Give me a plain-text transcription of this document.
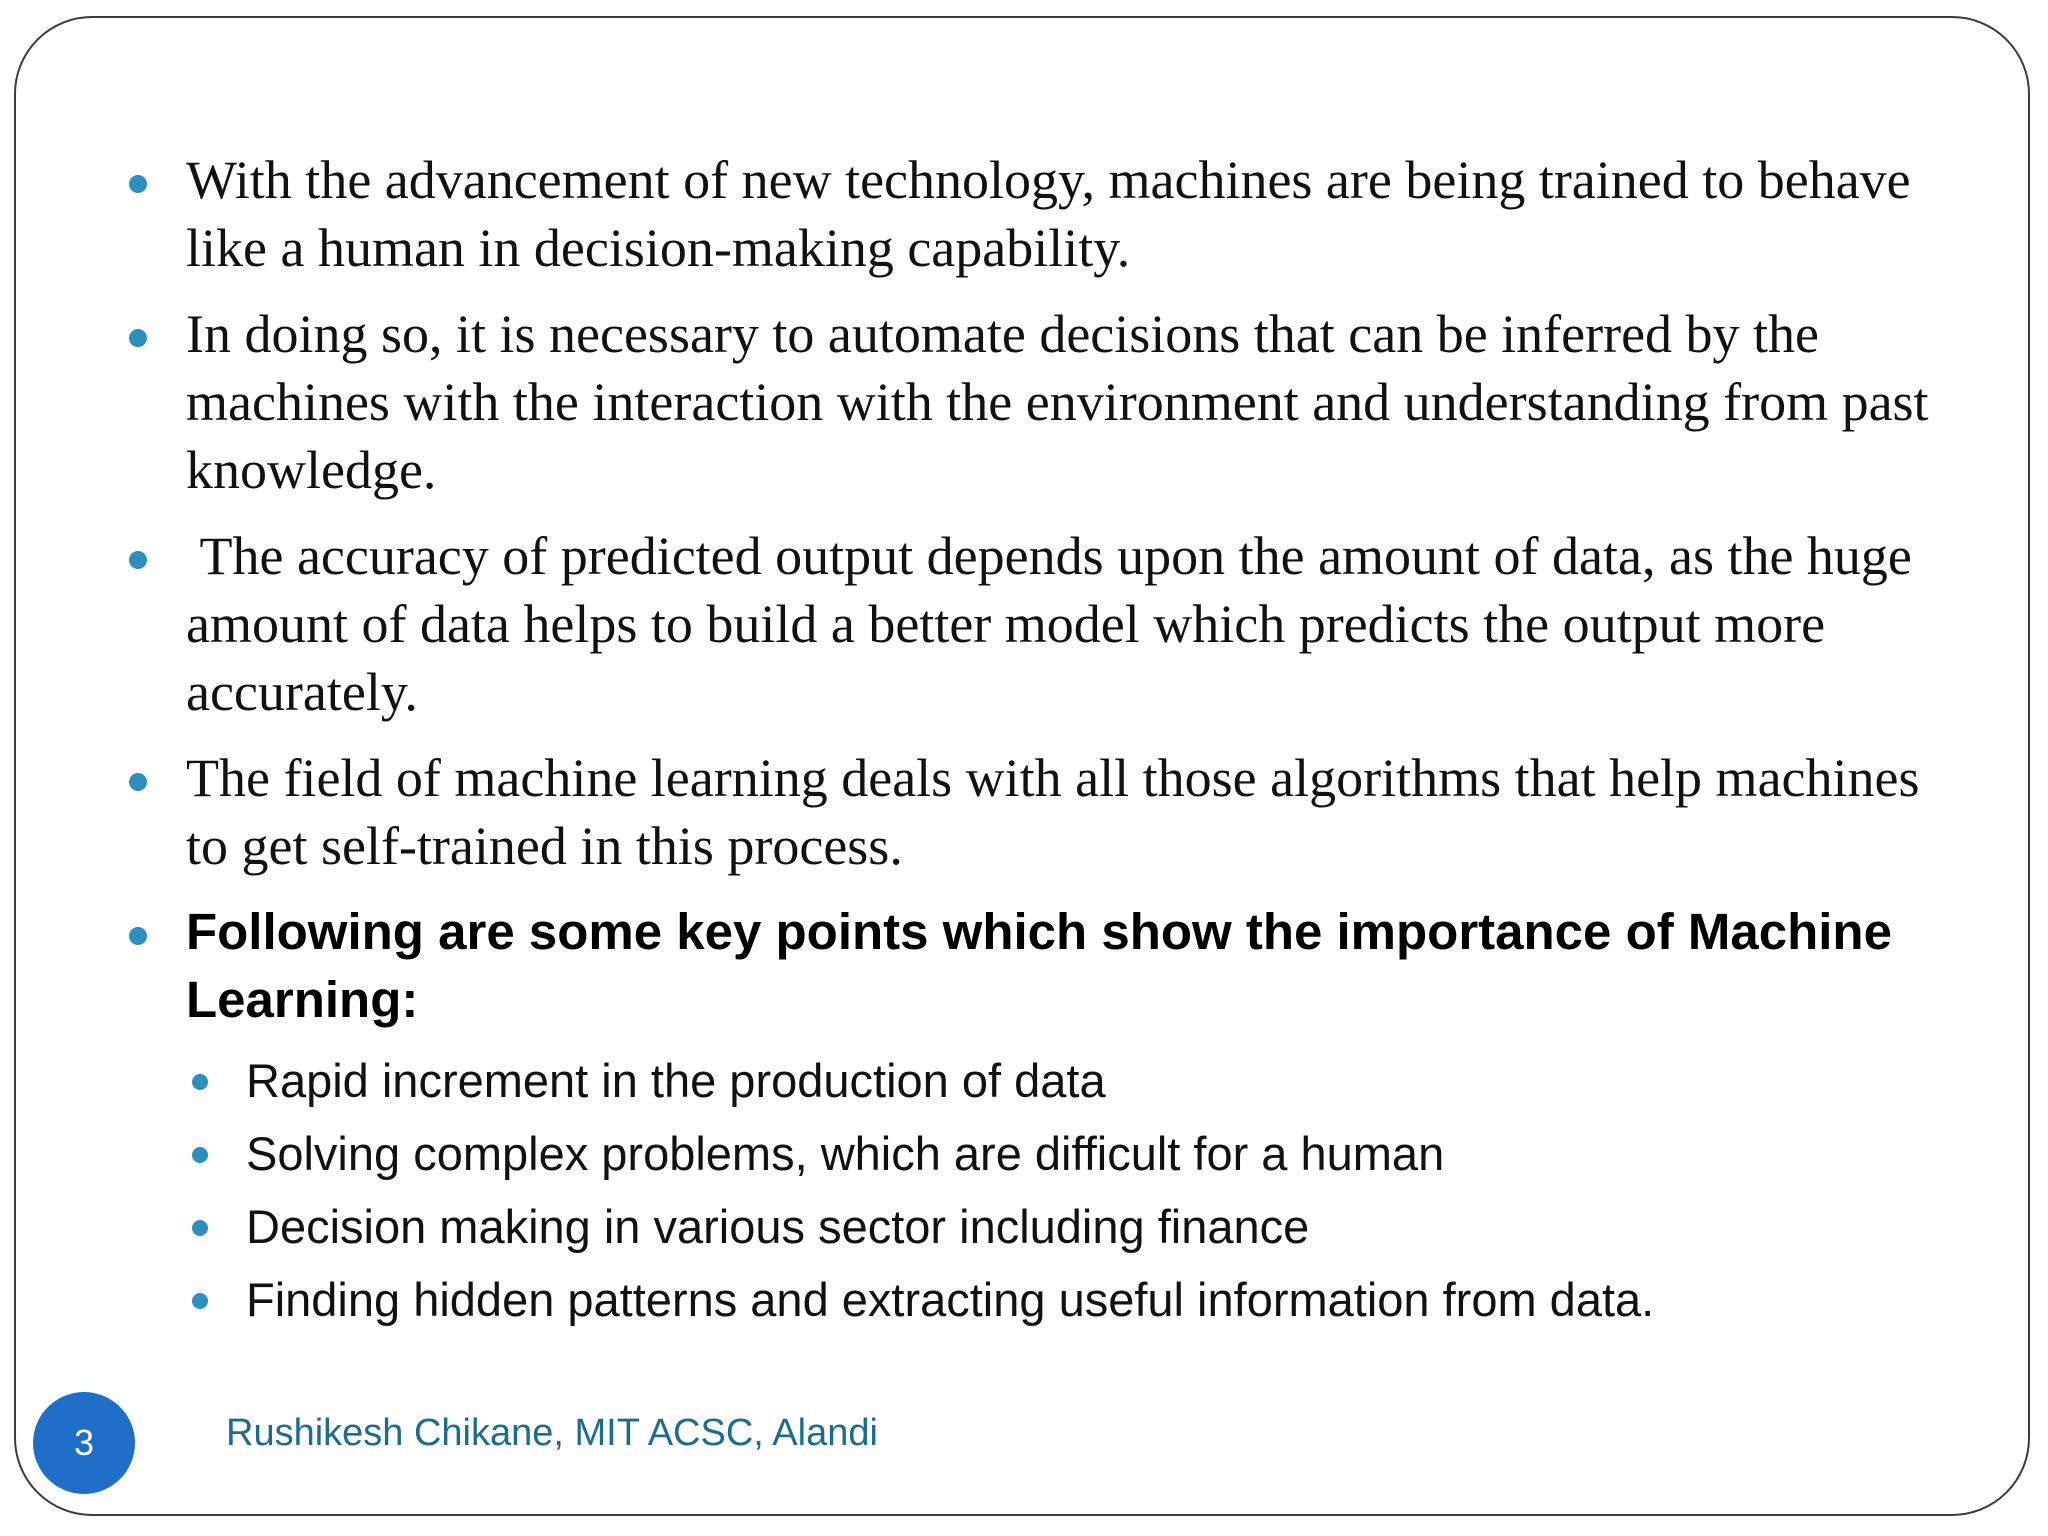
With the advancement of new technology, machines are being trained to behave like a human in decision-making capability.
In doing so, it is necessary to automate decisions that can be inferred by the machines with the interaction with the environment and understanding from past knowledge.
The accuracy of predicted output depends upon the amount of data, as the huge amount of data helps to build a better model which predicts the output more accurately.
The field of machine learning deals with all those algorithms that help machines to get self-trained in this process.
Following are some key points which show the importance of Machine Learning:
Rapid increment in the production of data
Solving complex problems, which are difficult for a human
Decision making in various sector including finance
Finding hidden patterns and extracting useful information from data.
3	Rushikesh Chikane, MIT ACSC, Alandi
